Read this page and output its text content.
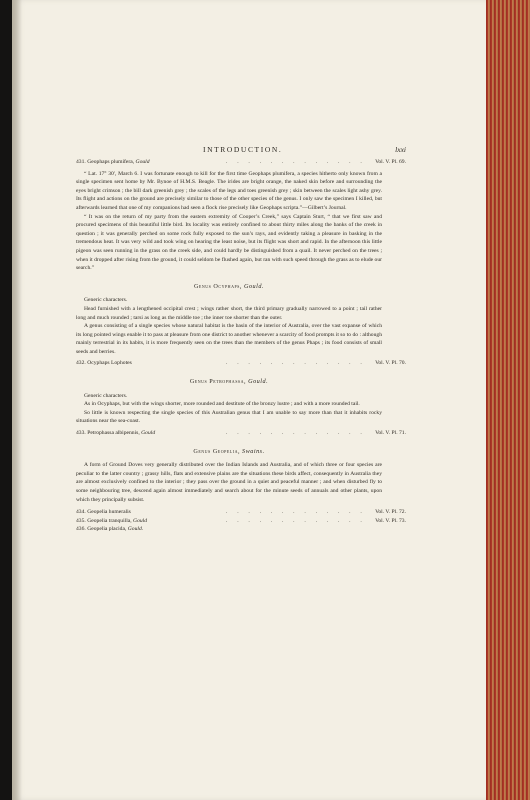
INTRODUCTION.	lxxi
431. Geophaps plumifera, Gould	. . . . . . . . . . . . . Vol. V. Pl. 69.

“ Lat. 17° 30′, March 6. I was fortunate enough to kill for the first time Geophaps plumifera, a species hitherto only known from a single specimen sent home by Mr. Bynoe of H.M.S. Beagle. The irides are bright orange, the naked skin before and surrounding the eyes bright crimson ; the bill dark greenish grey ; the scales of the legs and toes greenish grey ; skin between the scales light ashy grey. Its flight and actions on the ground are precisely similar to those of the other species of the genus. I only saw the specimen I killed, but afterwards learned that one of my companions had seen a flock rise precisely like Geophaps scripta.”—Gilbert’s Journal.

“ It was on the return of my party from the eastern extremity of Cooper’s Creek,” says Captain Sturt, “ that we first saw and procured specimens of this beautiful little bird. Its locality was entirely confined to about thirty miles along the banks of the creek in question ; it was generally perched on some rock fully exposed to the sun’s rays, and evidently taking a pleasure in basking in the tremendous heat. It was very wild and took wing on hearing the least noise, but its flight was short and rapid. In the afternoon this little pigeon was seen running in the grass on the creek side, and could hardly be distinguished from a quail. It never perched on the trees ; when it dropped after rising from the ground, it could seldom be flushed again, but ran with such speed through the grass as to elude our search.”

Genus Ocyphaps, Gould.

Generic characters.

Head furnished with a lengthened occipital crest ; wings rather short, the third primary gradually narrowed to a point ; tail rather long and much rounded ; tarsi as long as the middle toe ; the inner toe shorter than the outer.

A genus consisting of a single species whose natural habitat is the basin of the interior of Australia, over the vast expanse of which its long pointed wings enable it to pass at pleasure from one district to another whenever a scarcity of food prompts it so to do : although mainly terrestrial in its habits, it is more frequently seen on the trees than the members of the genus Phaps ; its food consists of small seeds and berries.

432. Ocyphaps Lophotes	. . . . . . . . . . . . . Vol. V. Pl. 70.
Genus Petrophassa, Gould.

Generic characters.

As in Ocyphaps, but with the wings shorter, more rounded and destitute of the bronzy lustre ; and with a more rounded tail.

So little is known respecting the single species of this Australian genus that I am unable to say more than that it inhabits rocky situations near the sea-coast.

433. Petrophassa albipennis, Gould	. . . . . . . . . . . . . Vol. V. Pl. 71.
Genus Geopelia, Swains.

A form of Ground Doves very generally distributed over the Indian Islands and Australia, and of which three or four species are peculiar to the latter country ; grassy hills, flats and extensive plains are the situations these birds affect, consequently in Australia they are almost exclusively confined to the interior ; they pass over the ground in a quiet and peaceful manner ; and when disturbed fly to some neighbouring tree, descend again almost immediately and search about for the minute seeds of annuals and other plants, upon which they principally subsist.

434. Geopelia humeralis	. . . . . . . . . . . . . Vol. V. Pl. 72.
435. Geopelia tranquilla, Gould	. . . . . . . . . . . . . Vol. V. Pl. 73.
436. Geopelia placida, Gould.
